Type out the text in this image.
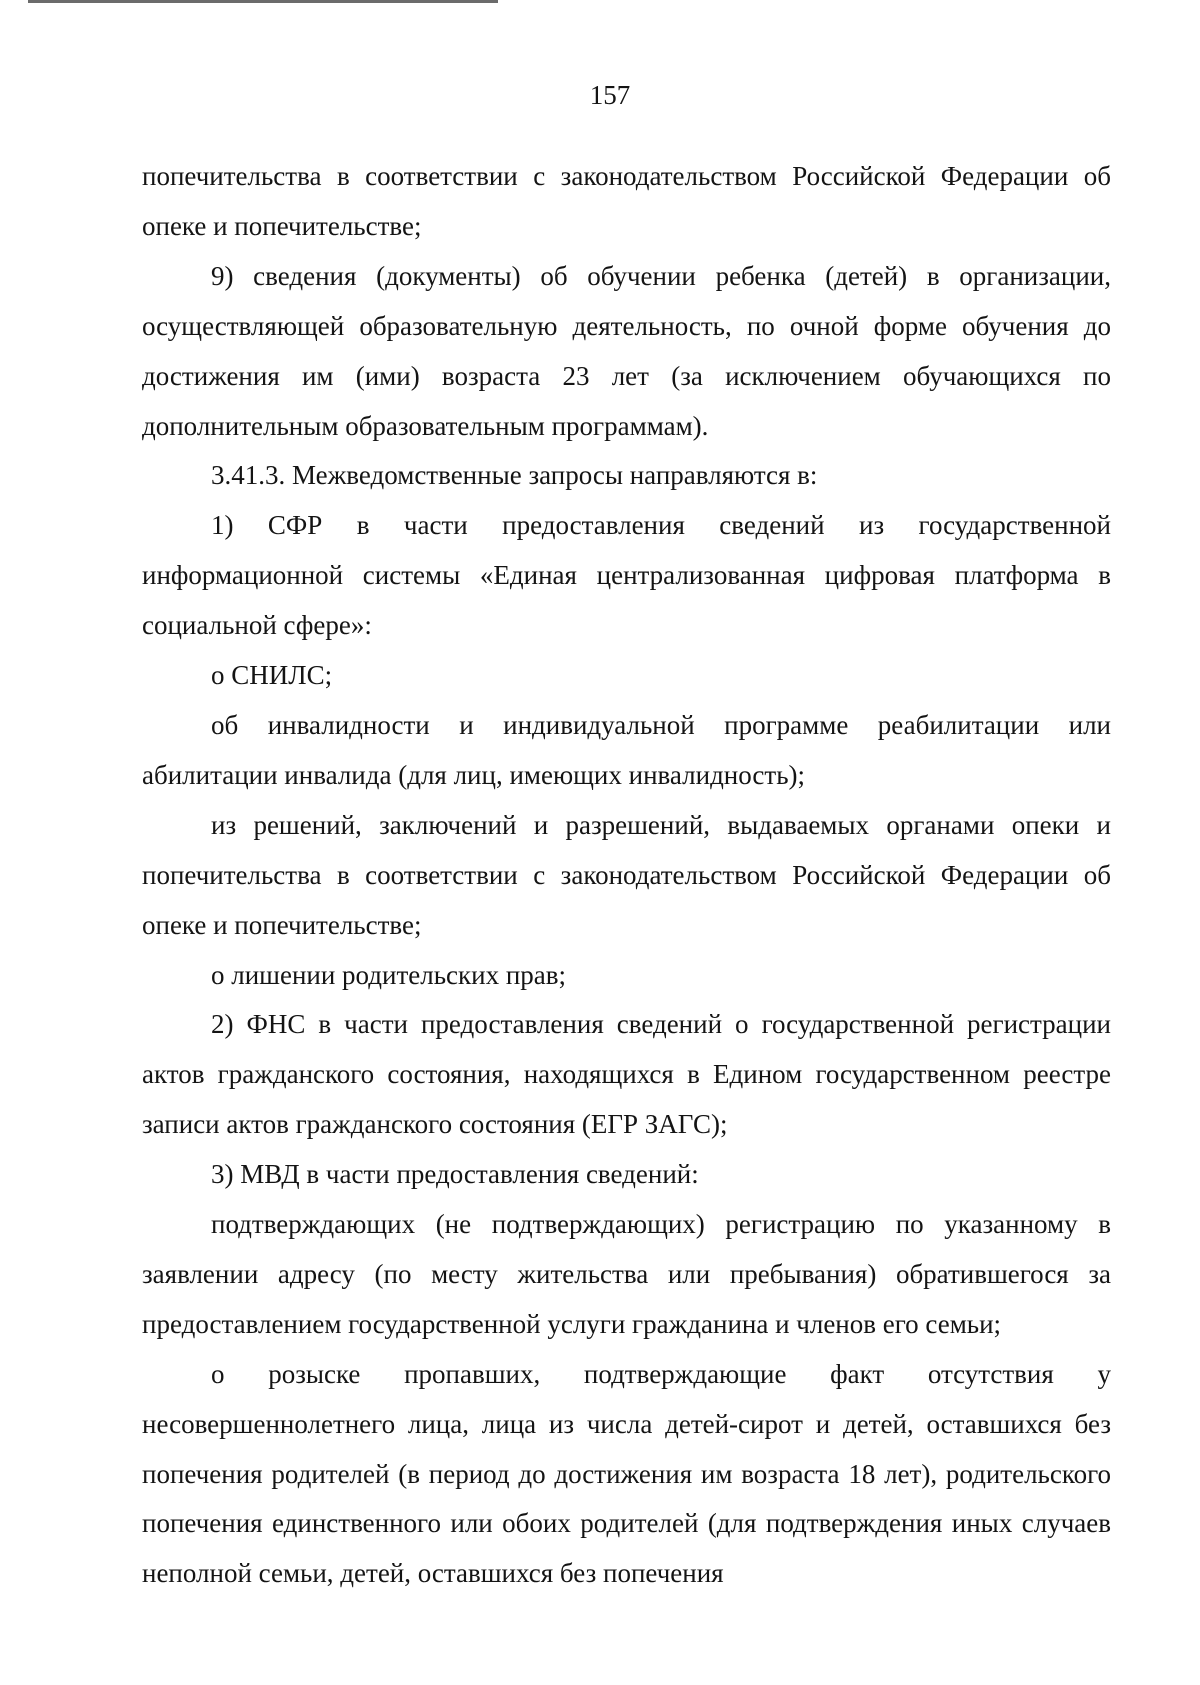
157

попечительства в соответствии с законодательством Российской Федерации об опеке и попечительстве;

9) сведения (документы) об обучении ребенка (детей) в организации, осуществляющей образовательную деятельность, по очной форме обучения до достижения им (ими) возраста 23 лет (за исключением обучающихся по дополнительным образовательным программам).

3.41.3. Межведомственные запросы направляются в:

1) СФР в части предоставления сведений из государственной информационной системы «Единая централизованная цифровая платформа в социальной сфере»:

о СНИЛС;

об инвалидности и индивидуальной программе реабилитации или абилитации инвалида (для лиц, имеющих инвалидность);

из решений, заключений и разрешений, выдаваемых органами опеки и попечительства в соответствии с законодательством Российской Федерации об опеке и попечительстве;

о лишении родительских прав;

2) ФНС в части предоставления сведений о государственной регистрации актов гражданского состояния, находящихся в Едином государственном реестре записи актов гражданского состояния (ЕГР ЗАГС);

3) МВД в части предоставления сведений:

подтверждающих (не подтверждающих) регистрацию по указанному в заявлении адресу (по месту жительства или пребывания) обратившегося за предоставлением государственной услуги гражданина и членов его семьи;

о розыске пропавших, подтверждающие факт отсутствия у несовершеннолетнего лица, лица из числа детей-сирот и детей, оставшихся без попечения родителей (в период до достижения им возраста 18 лет), родительского попечения единственного или обоих родителей (для подтверждения иных случаев неполной семьи, детей, оставшихся без попечения
